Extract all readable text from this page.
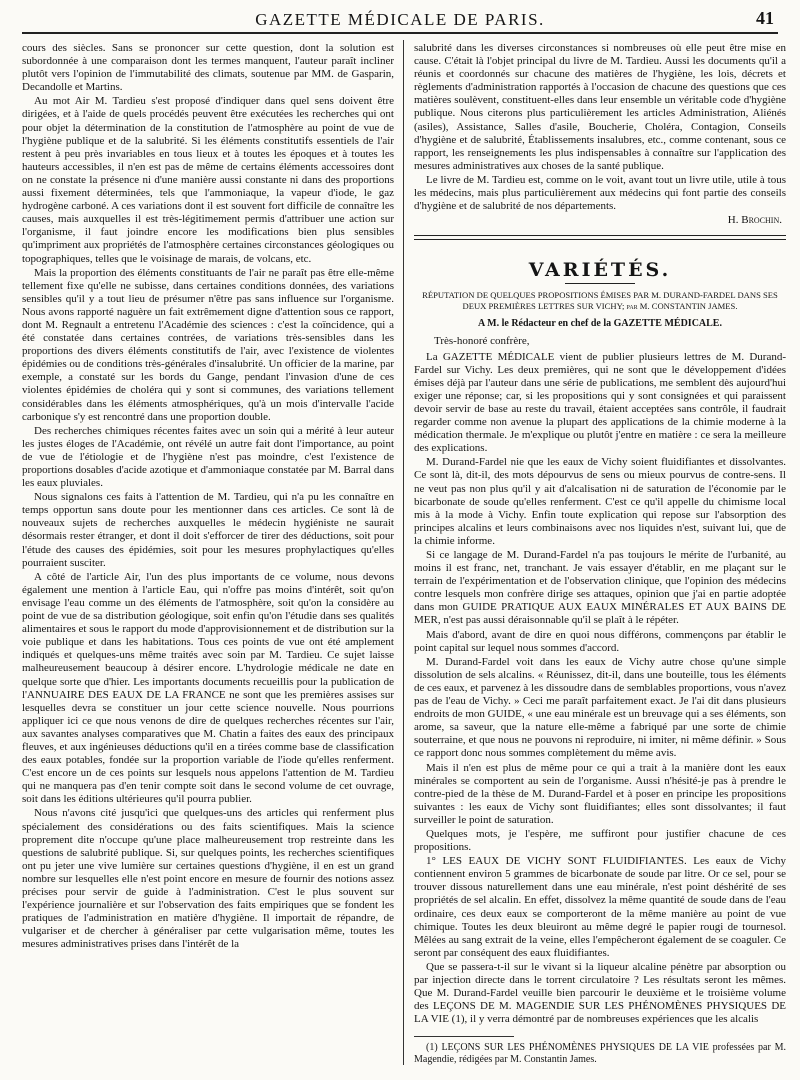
GAZETTE MÉDICALE DE PARIS.	41

cours des siècles. Sans se prononcer sur cette question, dont la solution est subordonnée à une comparaison dont les termes manquent, l'auteur paraît incliner plutôt vers l'opinion de l'immutabilité des climats, soutenue par MM. de Gasparin, Decandolle et Martins.

Au mot Air M. Tardieu s'est proposé d'indiquer dans quel sens doivent être dirigées, et à l'aide de quels procédés peuvent être exécutées les recherches qui ont pour objet la détermination de la constitution de l'atmosphère au point de vue de l'hygiène publique et de la salubrité. Si les éléments constitutifs essentiels de l'air restent à peu près invariables en tous lieux et à toutes les époques et à toutes les hauteurs accessibles, il n'en est pas de même de certains éléments accessoires dont on ne constate la présence ni d'une manière aussi constante ni dans des proportions aussi fixement déterminées, tels que l'ammoniaque, la vapeur d'iode, le gaz hydrogène carboné. A ces variations dont il est souvent fort difficile de connaître les causes, mais auxquelles il est très-légitimement permis d'attribuer une action sur l'organisme, il faut joindre encore les modifications bien plus sensibles qu'impriment aux propriétés de l'atmosphère certaines circonstances géologiques ou topographiques, telles que le voisinage de marais, de volcans, etc.

Mais la proportion des éléments constituants de l'air ne paraît pas être elle-même tellement fixe qu'elle ne subisse, dans certaines conditions données, des variations sensibles qu'il y a tout lieu de présumer n'être pas sans influence sur l'organisme. Nous avons rapporté naguère un fait extrêmement digne d'attention sous ce rapport, dont M. Regnault a entretenu l'Académie des sciences : c'est la coïncidence, qui a été constatée dans certaines contrées, de variations très-sensibles dans les proportions des divers éléments constitutifs de l'air, avec l'existence de violentes épidémies ou de conditions très-générales d'insalubrité. Un officier de la marine, par exemple, a constaté sur les bords du Gange, pendant l'invasion d'une de ces violentes épidémies de choléra qui y sont si communes, des variations tellement considérables dans les éléments atmosphériques, qu'à un mois d'intervalle l'acide carbonique s'y est rencontré dans une proportion double.

Des recherches chimiques récentes faites avec un soin qui a mérité à leur auteur les justes éloges de l'Académie, ont révélé un autre fait dont l'importance, au point de vue de l'étiologie et de l'hygiène n'est pas moindre, c'est l'existence de proportions dosables d'acide azotique et d'ammoniaque constatée par M. Barral dans les eaux pluviales.

Nous signalons ces faits à l'attention de M. Tardieu, qui n'a pu les connaître en temps opportun sans doute pour les mentionner dans ces articles. Ce sont là de nouveaux sujets de recherches auxquelles le médecin hygiéniste ne saurait désormais rester étranger, et dont il doit s'efforcer de tirer des déductions, soit pour l'étude des causes des épidémies, soit pour les mesures prophylactiques qu'elles pourraient susciter.

A côté de l'article Air, l'un des plus importants de ce volume, nous devons également une mention à l'article Eau, qui n'offre pas moins d'intérêt, soit qu'on envisage l'eau comme un des éléments de l'atmosphère, soit qu'on la considère au point de vue de sa distribution géologique, soit enfin qu'on l'étudie dans ses qualités alimentaires et sous le rapport du mode d'approvisionnement et de distribution sur la voie publique et dans les habitations. Tous ces points de vue ont été amplement indiqués et quelques-uns même traités avec soin par M. Tardieu. Ce sujet laisse malheureusement beaucoup à désirer encore. L'hydrologie médicale ne date en quelque sorte que d'hier. Les importants documents recueillis pour la publication de l'ANNUAIRE DES EAUX DE LA FRANCE ne sont que les premières assises sur lesquelles devra se constituer un jour cette science nouvelle. Nous pourrions appliquer ici ce que nous venons de dire de quelques recherches récentes sur l'air, aux savantes analyses comparatives que M. Chatin a faites des eaux des principaux fleuves, et aux ingénieuses déductions qu'il en a tirées comme base de classification des eaux potables, fondée sur la proportion variable de l'iode qu'elles renferment. C'est encore un de ces points sur lesquels nous appelons l'attention de M. Tardieu qui ne manquera pas d'en tenir compte soit dans le second volume de cet ouvrage, soit dans les éditions ultérieures qu'il pourra publier.

Nous n'avons cité jusqu'ici que quelques-uns des articles qui renferment plus spécialement des considérations ou des faits scientifiques. Mais la science proprement dite n'occupe qu'une place malheureusement trop restreinte dans les questions de salubrité publique. Si, sur quelques points, les recherches scientifiques ont pu jeter une vive lumière sur certaines questions d'hygiène, il en est un grand nombre sur lesquelles elle n'est point encore en mesure de fournir des notions assez précises pour servir de guide à l'administration. C'est le plus souvent sur l'expérience journalière et sur l'observation des faits empiriques que se fondent les pratiques de l'administration en matière d'hygiène. Il importait de répandre, de vulgariser et de chercher à généraliser par cette vulgarisation même, toutes les mesures administratives prises dans l'intérêt de la

salubrité dans les diverses circonstances si nombreuses où elle peut être mise en cause. C'était là l'objet principal du livre de M. Tardieu. Aussi les documents qu'il a réunis et coordonnés sur chacune des matières de l'hygiène, les lois, décrets et règlements d'administration rapportés à l'occasion de chacune des questions que ces matières soulèvent, constituent-elles dans leur ensemble un véritable code d'hygiène publique. Nous citerons plus particulièrement les articles Administration, Aliénés (asiles), Assistance, Salles d'asile, Boucherie, Choléra, Contagion, Conseils d'hygiène et de salubrité, Établissements insalubres, etc., comme contenant, sous ce rapport, les renseignements les plus indispensables à connaître sur l'application des mesures administratives aux choses de la santé publique.

Le livre de M. Tardieu est, comme on le voit, avant tout un livre utile, utile à tous les médecins, mais plus particulièrement aux médecins qui font partie des conseils d'hygiène et de salubrité de nos départements.

H. Brochin.
VARIÉTÉS.
RÉPUTATION DE QUELQUES PROPOSITIONS ÉMISES PAR M. DURAND-FARDEL DANS SES DEUX PREMIÈRES LETTRES SUR VICHY; par M. CONSTANTIN JAMES.
A M. le Rédacteur en chef de la GAZETTE MÉDICALE.

Très-honoré confrère,

La GAZETTE MÉDICALE vient de publier plusieurs lettres de M. Durand-Fardel sur Vichy. Les deux premières, qui ne sont que le développement d'idées émises déjà par l'auteur dans une série de publications, me semblent dès aujourd'hui exiger une réponse; car, si les propositions qui y sont consignées et qui paraissent devoir servir de base au reste du travail, étaient acceptées sans contrôle, il faudrait regarder comme non avenue la plupart des applications de la chimie moderne à la médication thermale. Je m'explique ou plutôt j'entre en matière : ce sera la meilleure des explications.

M. Durand-Fardel nie que les eaux de Vichy soient fluidifiantes et dissolvantes. Ce sont là, dit-il, des mots dépourvus de sens ou mieux pourvus de contre-sens. Il ne veut pas non plus qu'il y ait d'alcalisation ni de saturation de l'économie par le bicarbonate de soude qu'elles renferment. C'est ce qu'il appelle du chimisme local mis à la mode à Vichy. Enfin toute explication qui repose sur l'absorption des principes alcalins et leurs combinaisons avec nos liquides n'est, suivant lui, que de la chimie informe.

Si ce langage de M. Durand-Fardel n'a pas toujours le mérite de l'urbanité, au moins il est franc, net, tranchant. Je vais essayer d'établir, en me plaçant sur le terrain de l'expérimentation et de l'observation clinique, que l'opinion des médecins contre lesquels mon confrère dirige ses attaques, opinion que j'ai en partie adoptée dans mon GUIDE PRATIQUE AUX EAUX MINÉRALES ET AUX BAINS DE MER, n'est pas aussi déraisonnable qu'il se plaît à le répéter.

Mais d'abord, avant de dire en quoi nous différons, commençons par établir le point capital sur lequel nous sommes d'accord.

M. Durand-Fardel voit dans les eaux de Vichy autre chose qu'une simple dissolution de sels alcalins. « Réunissez, dit-il, dans une bouteille, tous les éléments de ces eaux, et parvenez à les dissoudre dans de semblables proportions, vous n'avez pas de l'eau de Vichy. » Ceci me paraît parfaitement exact. Je l'ai dit dans plusieurs endroits de mon GUIDE, « une eau minérale est un breuvage qui a ses éléments, son arome, sa saveur, que la nature elle-même a fabriqué par une sorte de chimie souterraine, et que nous ne pouvons ni reproduire, ni imiter, ni même définir. » Sous ce rapport donc nous sommes complètement du même avis.

Mais il n'en est plus de même pour ce qui a trait à la manière dont les eaux minérales se comportent au sein de l'organisme. Aussi n'hésité-je pas à prendre le contre-pied de la thèse de M. Durand-Fardel et à poser en principe les propositions suivantes : les eaux de Vichy sont fluidifiantes; elles sont dissolvantes; il faut surveiller le point de saturation.

Quelques mots, je l'espère, me suffiront pour justifier chacune de ces propositions.

1° LES EAUX DE VICHY SONT FLUIDIFIANTES. Les eaux de Vichy contiennent environ 5 grammes de bicarbonate de soude par litre. Or ce sel, pour se trouver dissous naturellement dans une eau minérale, n'est point déshérité de ses propriétés de sel alcalin. En effet, dissolvez la même quantité de soude dans de l'eau ordinaire, ces deux eaux se comporteront de la même manière au point de vue chimique. Toutes les deux bleuiront au même degré le papier rougi de tournesol. Mêlées au sang extrait de la veine, elles l'empêcheront également de se coaguler. Ce seront par conséquent des eaux fluidifiantes.

Que se passera-t-il sur le vivant si la liqueur alcaline pénètre par absorption ou par injection directe dans le torrent circulatoire ? Les résultats seront les mêmes. Que M. Durand-Fardel veuille bien parcourir le deuxième et le troisième volume des LEÇONS DE M. MAGENDIE SUR LES PHÉNOMÈNES PHYSIQUES DE LA VIE (1), il y verra démontré par de nombreuses expériences que les alcalis

(1) LEÇONS SUR LES PHÉNOMÈNES PHYSIQUES DE LA VIE professées par M. Magendie, rédigées par M. Constantin James.
